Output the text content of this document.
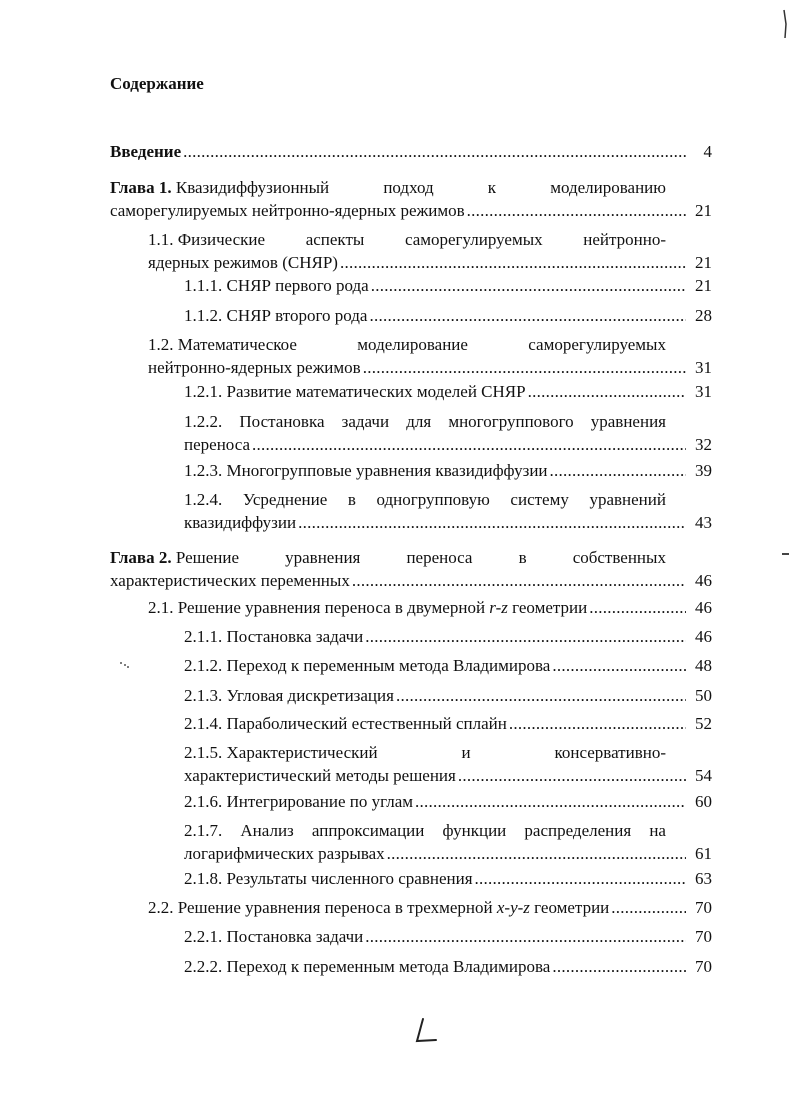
Содержание
Введение . . .	4
Глава 1. Квазидиффузионный	подход	к	моделированию
саморегулируемых нейтронно-ядерных режимов . . .	21
1.1. Физические аспекты саморегулируемых нейтронно-
ядерных режимов (СНЯР) . . .	21
1.1.1. СНЯР первого рода . . .	21
1.1.2. СНЯР второго рода . . .	28
1.2. Математическое	моделирование	саморегулируемых
нейтронно-ядерных режимов . . .	31
1.2.1. Развитие математических моделей СНЯР . . .	31
1.2.2. Постановка задачи для многогруппового уравнения
переноса . . .	32
1.2.3. Многогрупповые уравнения квазидиффузии . . .	39
1.2.4. Усреднение в одногрупповую систему уравнений
квазидиффузии . . .	43
Глава 2. Решение	уравнения	переноса	в	собственных
характеристических переменных . . .	46
2.1. Решение уравнения переноса в двумерной r-z геометрии . . .	46
2.1.1. Постановка задачи . . .	46
2.1.2. Переход к переменным метода Владимирова . . .	48
2.1.3. Угловая дискретизация . . .	50
2.1.4. Параболический естественный сплайн . . .	52
2.1.5. Характеристический	и	консервативно-
характеристический методы решения . . .	54
2.1.6. Интегрирование по углам . . .	60
2.1.7. Анализ аппроксимации функции распределения на
логарифмических разрывах . . .	61
2.1.8. Результаты численного сравнения . . .	63
2.2. Решение уравнения переноса в трехмерной x-y-z геометрии . . .	70
2.2.1. Постановка задачи . . .	70
2.2.2. Переход к переменным метода Владимирова . . .	70
